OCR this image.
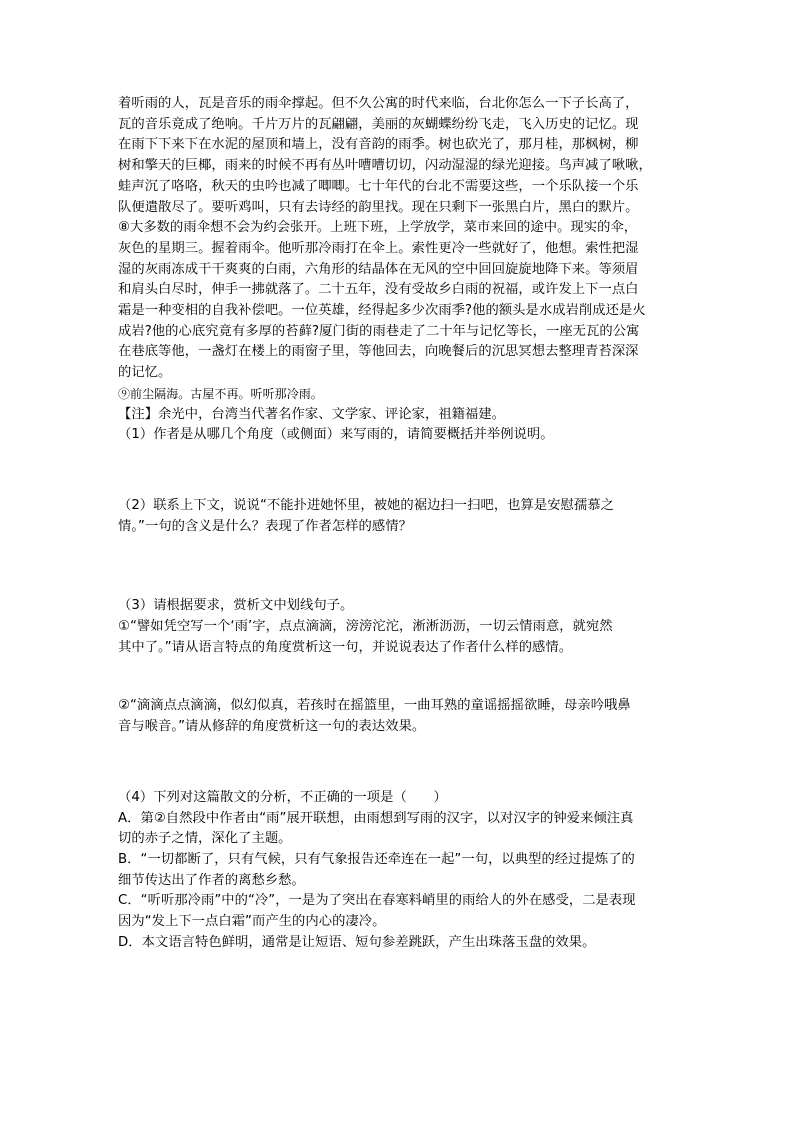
着听雨的人，瓦是音乐的雨伞撑起。但不久公寓的时代来临，台北你怎么一下子长高了，
瓦的音乐竟成了绝响。千片万片的瓦翩翩，美丽的灰蝴蝶纷纷飞走，飞入历史的记忆。现
在雨下下来下在水泥的屋顶和墙上，没有音韵的雨季。树也砍光了，那月桂，那枫树，柳
树和擎天的巨椰，雨来的时候不再有丛叶嘈嘈切切，闪动湿湿的绿光迎接。鸟声减了啾啾，
蛙声沉了咯咯，秋天的虫吟也减了唧唧。七十年代的台北不需要这些，一个乐队接一个乐
队便遣散尽了。要听鸡叫，只有去诗经的韵里找。现在只剩下一张黑白片，黑白的默片。
⑧大多数的雨伞想不会为约会张开。上班下班，上学放学，菜市来回的途中。现实的伞，
灰色的星期三。握着雨伞。他听那冷雨打在伞上。索性更冷一些就好了，他想。索性把湿
湿的灰雨冻成干干爽爽的白雨，六角形的结晶体在无风的空中回回旋旋地降下来。等须眉
和肩头白尽时，伸手一拂就落了。二十五年，没有受故乡白雨的祝福，或许发上下一点白
霜是一种变相的自我补偿吧。一位英雄，经得起多少次雨季?他的额头是水成岩削成还是火
成岩?他的心底究竟有多厚的苔藓?厦门街的雨巷走了二十年与记忆等长，一座无瓦的公寓
在巷底等他，一盏灯在楼上的雨窗子里，等他回去，向晚餐后的沉思冥想去整理青苔深深
的记忆。
⑨前尘隔海。古屋不再。听听那冷雨。
【注】余光中，台湾当代著名作家、文学家、评论家，祖籍福建。
（1）作者是从哪几个角度（或侧面）来写雨的，请简要概括并举例说明。
（2）联系上下文，说说“不能扑进她怀里，被她的裾边扫一扫吧，也算是安慰孺慕之
情。”一句的含义是什么？表现了作者怎样的感情？
（3）请根据要求，赏析文中划线句子。
①“譬如凭空写一个‘雨’字，点点滴滴，滂滂沱沱，淅淅沥沥，一切云情雨意，就宛然
其中了。”请从语言特点的角度赏析这一句，并说说表达了作者什么样的感情。
②“滴滴点点滴滴，似幻似真，若孩时在摇篮里，一曲耳熟的童谣摇摇欲睡，母亲吟哦鼻
音与喉音。”请从修辞的角度赏析这一句的表达效果。
（4）下列对这篇散文的分析，不正确的一项是（　　）
A．第②自然段中作者由“雨”展开联想，由雨想到写雨的汉字，以对汉字的钟爱来倾注真
切的赤子之情，深化了主题。
B．“一切都断了，只有气候，只有气象报告还牵连在一起”一句，以典型的经过提炼了的
细节传达出了作者的离愁乡愁。
C．“听听那冷雨”中的“冷”，一是为了突出在春寒料峭里的雨给人的外在感受，二是表现
因为“发上下一点白霜”而产生的内心的凄冷。
D．本文语言特色鲜明，通常是让短语、短句参差跳跃，产生出珠落玉盘的效果。
